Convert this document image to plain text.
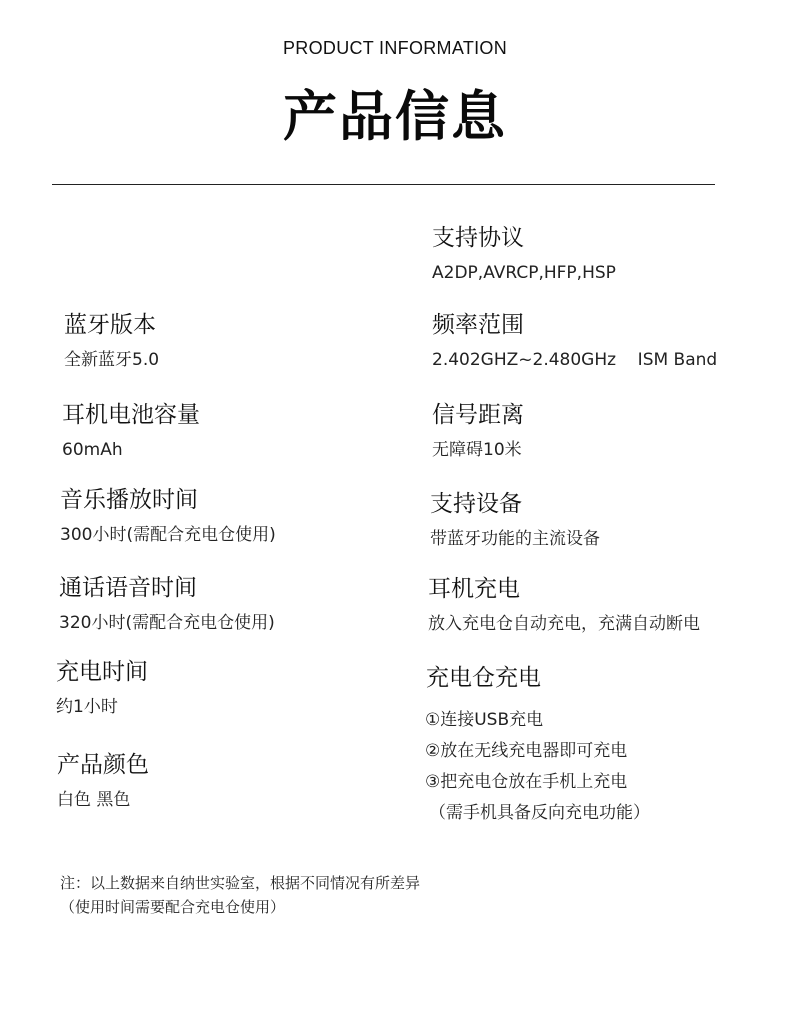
PRODUCT INFORMATION
产品信息
蓝牙版本
全新蓝牙5.0
耳机电池容量
60mAh
音乐播放时间
300小时(需配合充电仓使用)
通话语音时间
320小时(需配合充电仓使用)
充电时间
约1小时
产品颜色
白色 黑色
支持协议
A2DP,AVRCP,HFP,HSP
频率范围
2.402GHZ~2.480GHz    ISM Band
信号距离
无障碍10米
支持设备
带蓝牙功能的主流设备
耳机充电
放入充电仓自动充电，充满自动断电
充电仓充电
①连接USB充电
②放在无线充电器即可充电
③把充电仓放在手机上充电
（需手机具备反向充电功能）
注：以上数据来自纳世实验室，根据不同情况有所差异
（使用时间需要配合充电仓使用）
